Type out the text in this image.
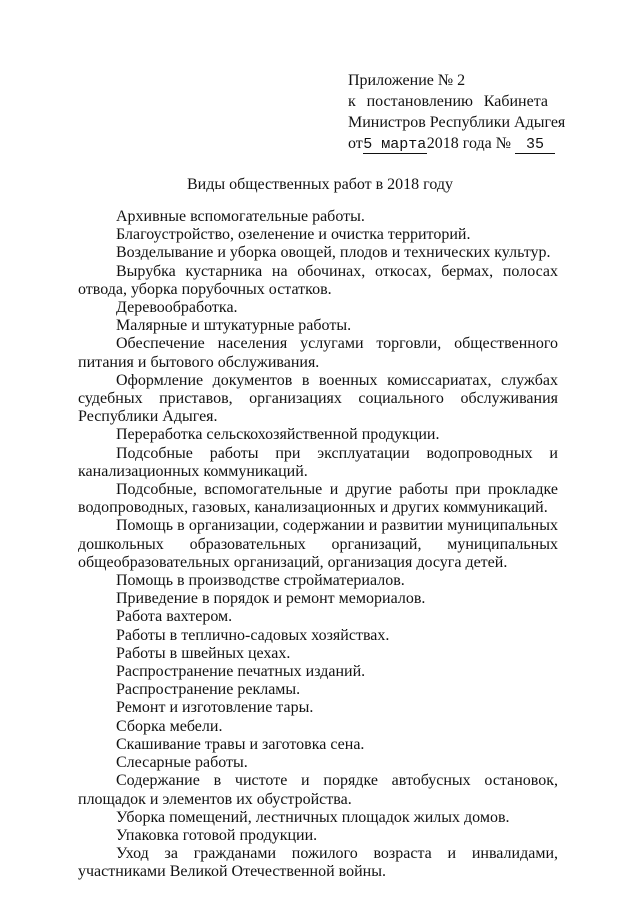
Приложение № 2
к постановлению Кабинета
Министров Республики Адыгея
от5 марта2018 года № 35
Виды общественных работ в 2018 году

Архивные вспомогательные работы.

Благоустройство, озеленение и очистка территорий.

Возделывание и уборка овощей, плодов и технических культур.

Вырубка кустарника на обочинах, откосах, бермах, полосах отвода, уборка порубочных остатков.

Деревообработка.

Малярные и штукатурные работы.

Обеспечение населения услугами торговли, общественного питания и бытового обслуживания.

Оформление документов в военных комиссариатах, службах судебных приставов, организациях социального обслуживания Республики Адыгея.

Переработка сельскохозяйственной продукции.

Подсобные работы при эксплуатации водопроводных и канализационных коммуникаций.

Подсобные, вспомогательные и другие работы при прокладке водопроводных, газовых, канализационных и других коммуникаций.

Помощь в организации, содержании и развитии муниципальных дошкольных образовательных организаций, муниципальных общеобразовательных организаций, организация досуга детей.

Помощь в производстве стройматериалов.

Приведение в порядок и ремонт мемориалов.

Работа вахтером.

Работы в теплично-садовых хозяйствах.

Работы в швейных цехах.

Распространение печатных изданий.

Распространение рекламы.

Ремонт и изготовление тары.

Сборка мебели.

Скашивание травы и заготовка сена.

Слесарные работы.

Содержание в чистоте и порядке автобусных остановок, площадок и элементов их обустройства.

Уборка помещений, лестничных площадок жилых домов.

Упаковка готовой продукции.

Уход за гражданами пожилого возраста и инвалидами, участниками Великой Отечественной войны.
